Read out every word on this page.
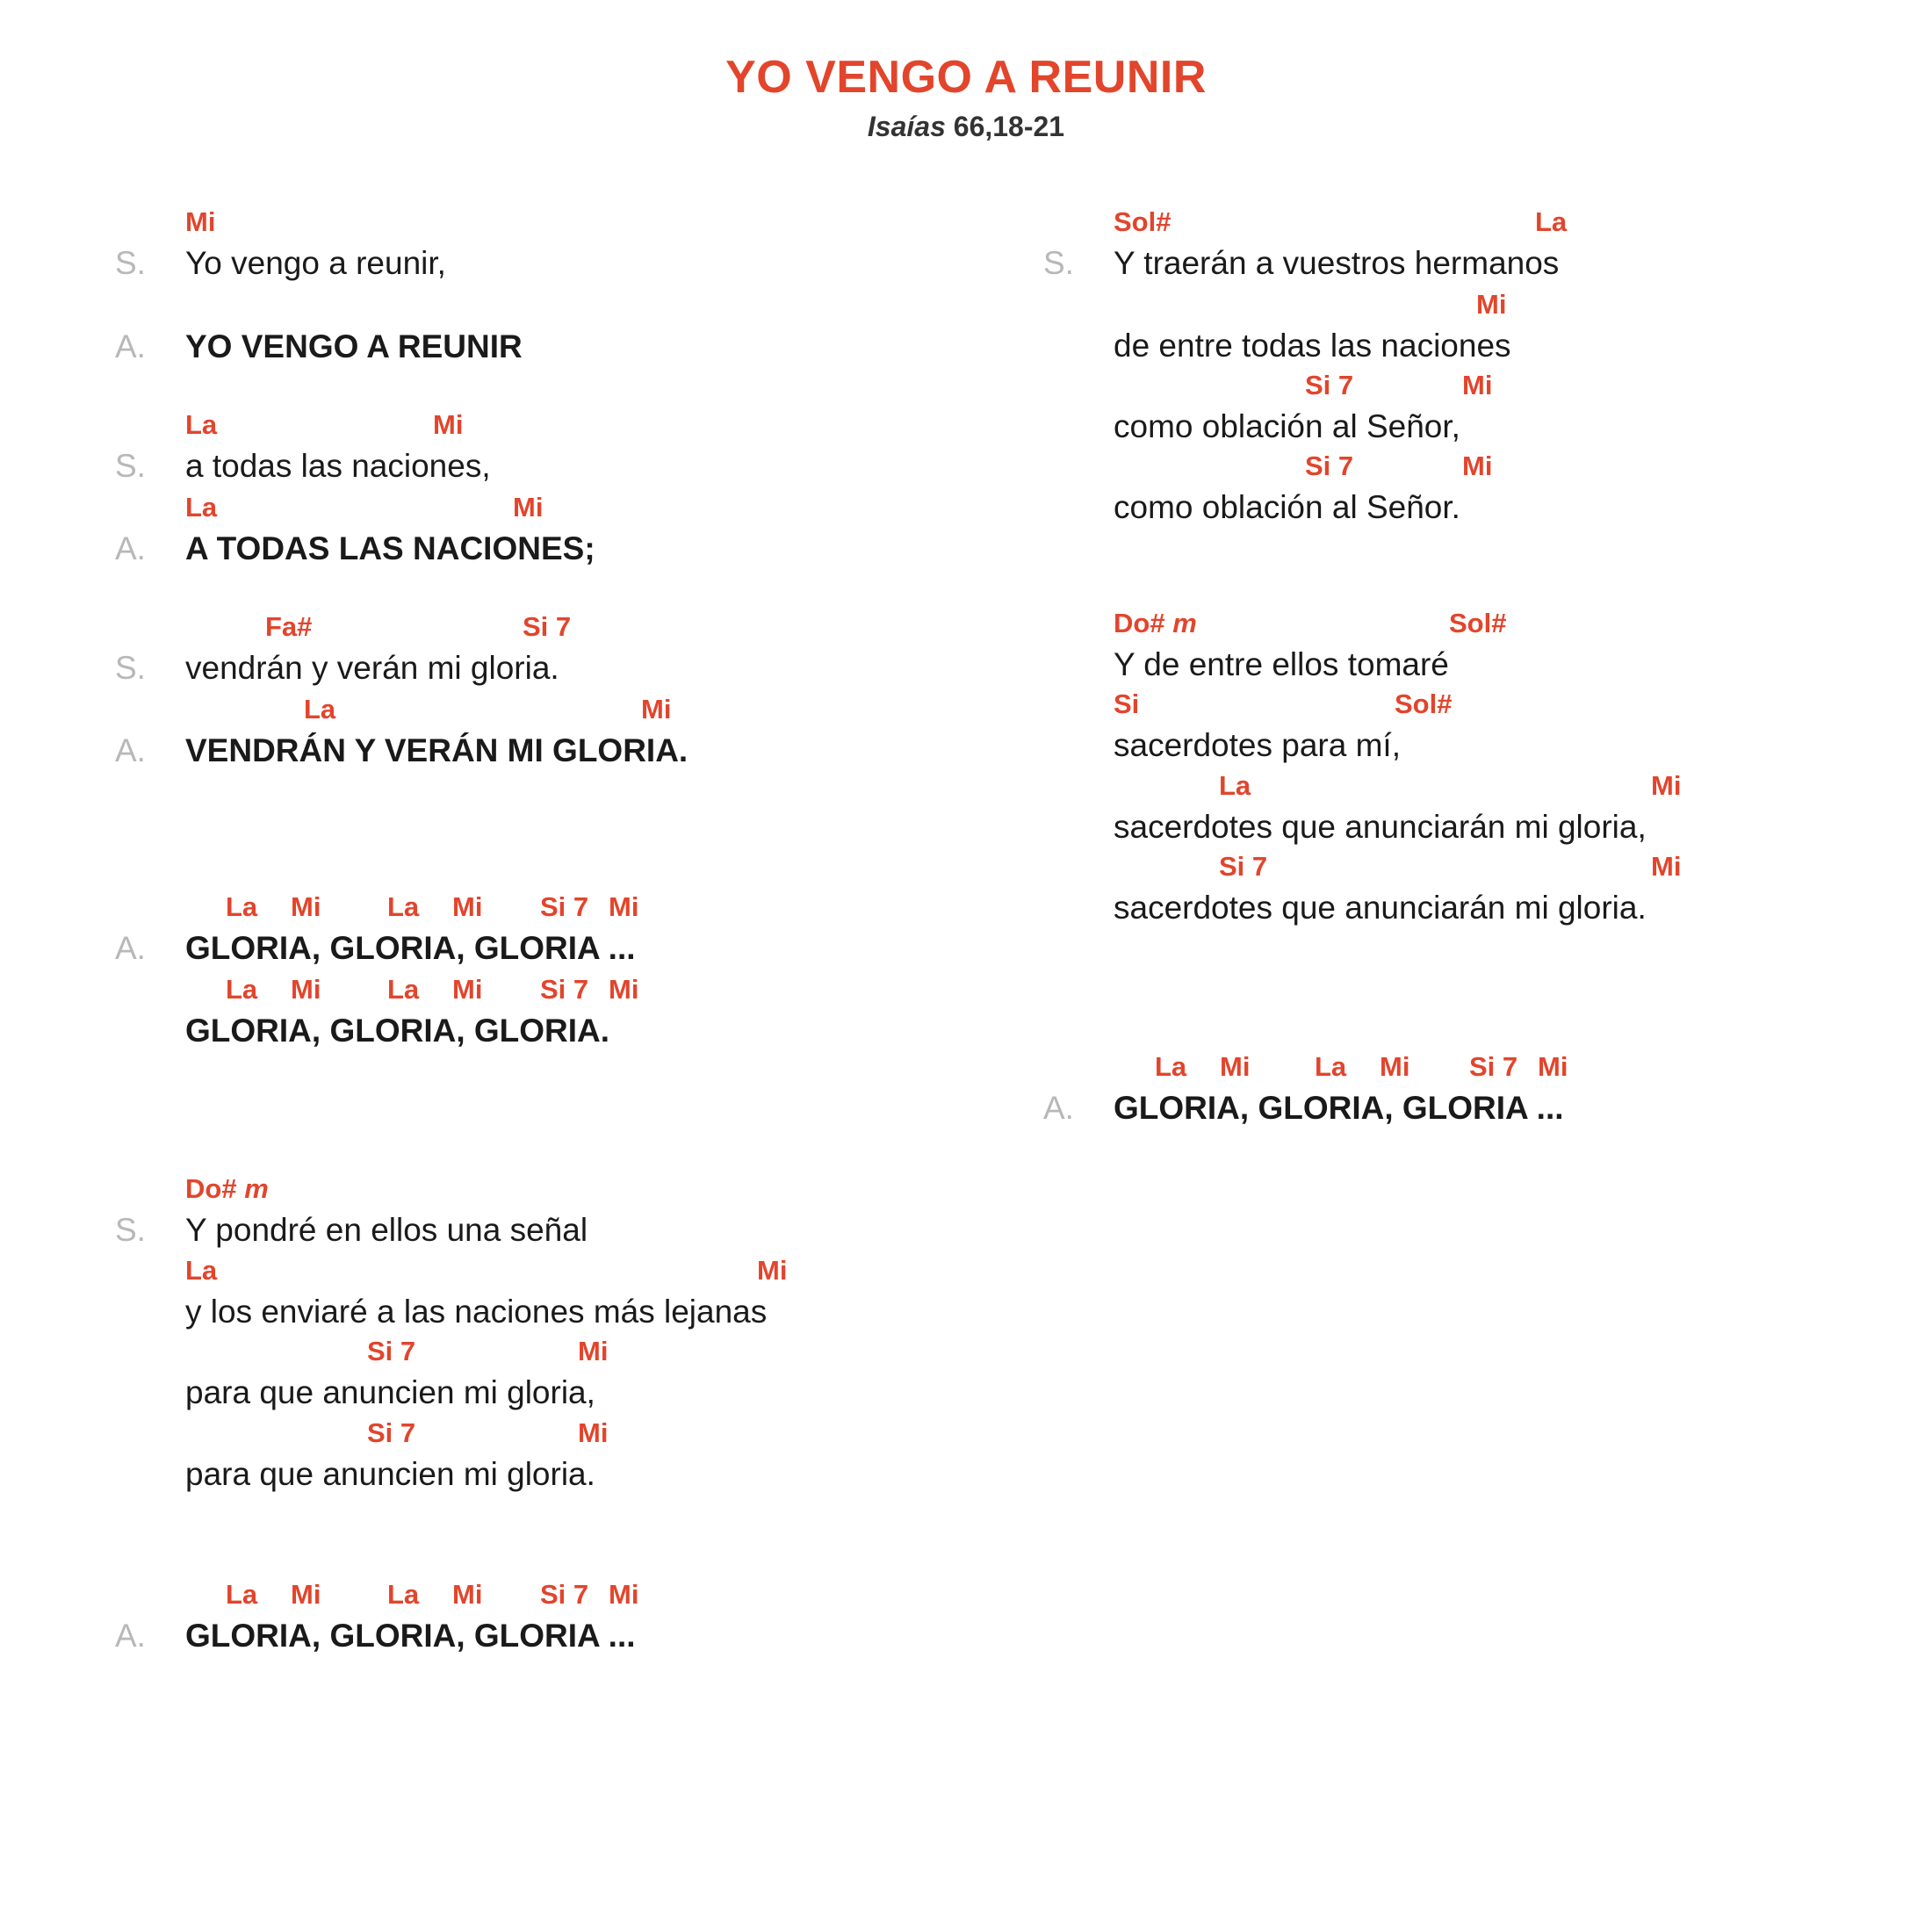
YO VENGO A REUNIR
Isaías 66,18-21
Mi
S. Yo vengo a reunir,
A. YO VENGO A REUNIR
La	Mi
S. a todas las naciones,
La	Mi
A. A TODAS LAS NACIONES;
Fa#	Si 7
S. vendrán y verán mi gloria.
La	Mi
A. VENDRÁN Y VERÁN MI GLORIA.
La Mi La Mi Si 7 Mi
A. GLORIA, GLORIA, GLORIA ...
La Mi La Mi Si 7 Mi
GLORIA, GLORIA, GLORIA.
Do# m
S. Y pondré en ellos una señal
La	Mi
y los enviaré a las naciones más lejanas
Si 7	Mi
para que anuncien mi gloria,
Si 7	Mi
para que anuncien mi gloria.
La Mi La Mi Si 7 Mi
A. GLORIA, GLORIA, GLORIA ...
Sol#	La
S. Y traerán a vuestros hermanos
Mi
de entre todas las naciones
Si 7	Mi
como oblación al Señor,
Si 7	Mi
como oblación al Señor.
Do# m	Sol#
Y de entre ellos tomaré
Si	Sol#
sacerdotes para mí,
La	Mi
sacerdotes que anunciarán mi gloria,
Si 7	Mi
sacerdotes que anunciarán mi gloria.
La Mi La Mi Si 7 Mi
A. GLORIA, GLORIA, GLORIA ...
